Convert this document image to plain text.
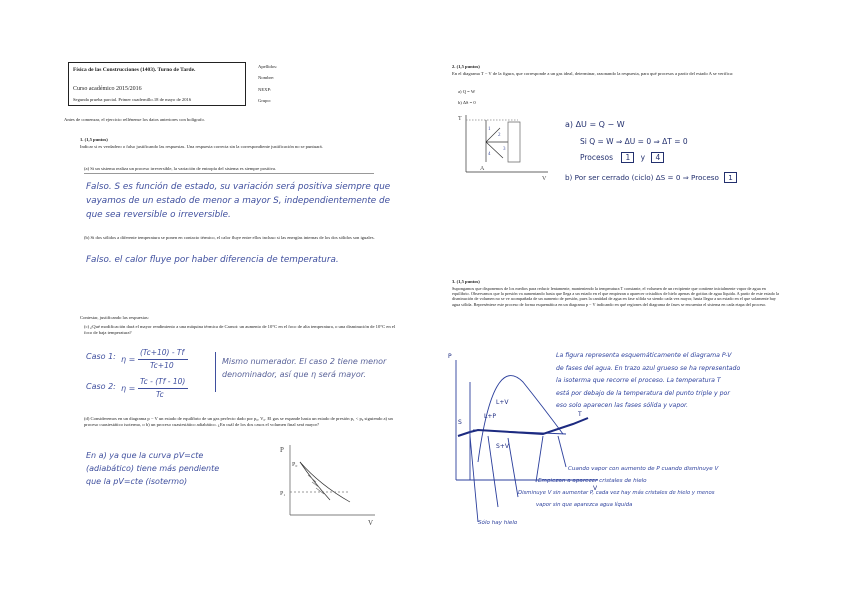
Física de las Construcciones (1403). Turno de Tarde.
Curso académico 2015/2016
Segunda prueba parcial. Primer cuadernillo.18 de mayo de 2016
Apellidos:
Nombre:
NEXP:
Grupo:
Antes de comenzar, el ejercicio rellénense los datos anteriores con bolígrafo.
1. (1,5 puntos)
Indicar si es verdadero o falso justificando las respuestas. Una respuesta correcta sin la correspondiente justificación no se puntuará.
(a) Si un sistema realiza un proceso irreversible, la variación de entropía del sistema es siempre positiva.
Falso. S es función de estado, su variación será positiva siempre que
vayamos de un estado de menor a mayor S, independientemente de
que sea reversible o irreversible.
(b) Si dos sólidos a diferente temperatura se ponen en contacto térmico, el calor fluye entre ellos incluso si las energías internas de los dos sólidos son iguales.
Falso. el calor fluye por haber diferencia de temperatura.
Contestar, justificando las respuestas:
(c) ¿Qué modificación dará el mayor rendimiento a una máquina térmica de Carnot: un aumento de 10°C en el foco de alta temperatura, o una disminución de 10°C en el foco de baja temperatura?
Caso 1: η =
(Tc+10) - Tf
Tc+10
Caso 2: η =
Tc - (Tf - 10)
Tc
Mismo numerador. El caso 2 tiene menor
denominador, así que η será mayor.
(d) Consideremos en un diagrama p − V un estado de equilibrio de un gas perfecto dado por p₀, V₀. El gas se expande hasta un estado de presión p₁ < p₀ siguiendo a) un proceso cuasiestático isotermo, o b) un proceso cuasiestático adiabático. ¿En cuál de los dos casos el volumen final será mayor?
En a) ya que la curva pV=cte
(adiabático) tiene más pendiente
que la pV=cte (isotermo)
P
P₀
P₁
V
2. (1,5 puntos)
En el diagrama T − V de la figura, que corresponde a un gas ideal, determinar, razonando la respuesta, para qué procesos a partir del estado A se verifica:
a) Q = W
b) ΔS = 0
1
2
3
4
T
A
V
a) ΔU = Q − W
Si Q = W ⇒ ΔU = 0 ⇒ ΔT = 0
Procesos 1 y 4
b) Por ser cerrado (ciclo) ΔS = 0 ⇒ Proceso 1
3. (1,5 puntos)
Supongamos que disponemos de los medios para reducir lentamente, manteniendo la temperatura T constante, el volumen de un recipiente que contiene inicialmente vapor de agua en equilibrio. Observamos que la presión va aumentando hasta que llega a un estado en el que empiezan a aparecer cristalitos de hielo apenas de gotitas de agua líquida. A partir de este estado la disminución de volumen no se ve acompañada de un aumento de presión, pues la cantidad de agua en fase sólida va siendo cada vez mayor, hasta llegar a un estado en el que solamente hay agua sólida. Represéntese este proceso de forma esquemática en un diagrama p − V indicando en qué regiones del diagrama de fases se encuentra el sistema en cada etapa del proceso.
P
V
T
L+V
L+P
S
S+V
La figura representa esquemáticamente el diagrama P-V
de fases del agua. En trazo azul grueso se ha representado
la isoterma que recorre el proceso. La temperatura T
está por debajo de la temperatura del punto triple y por
eso solo aparecen las fases sólida y vapor.
Cuando vapor con aumento de P cuando disminuye V
Empiezan a aparecer cristales de hielo
Disminuye V sin aumentar P, cada vez hay más cristales de hielo y menos
vapor sin que aparezca agua líquida
Sólo hay hielo
